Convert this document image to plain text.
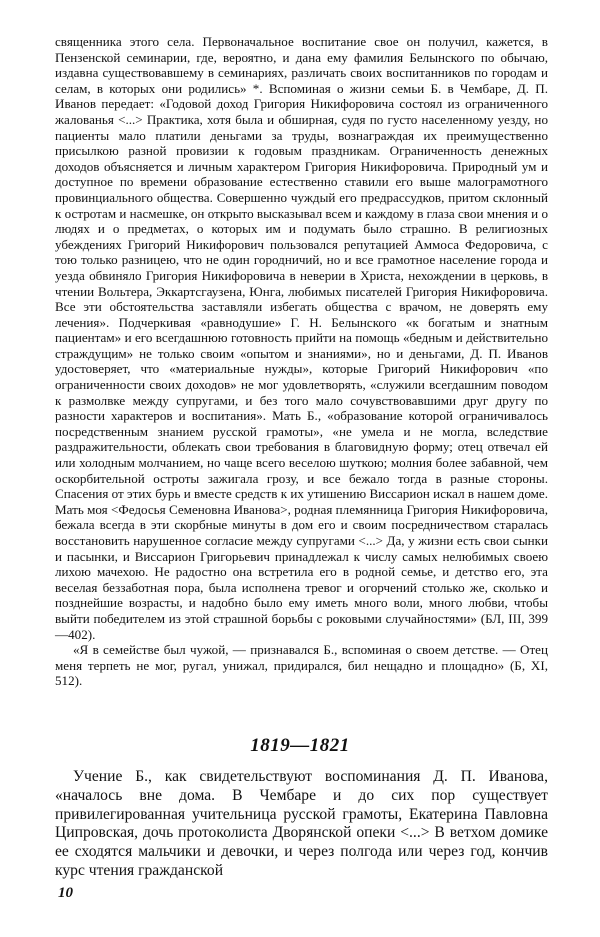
священника этого села. Первоначальное воспитание свое он получил, кажется, в Пензенской семинарии, где, вероятно, и дана ему фамилия Белынского по обычаю, издавна существовавшему в семинариях, различать своих воспитанников по городам и селам, в которых они родились» *. Вспоминая о жизни семьи Б. в Чембаре, Д. П. Иванов передает: «Годовой доход Григория Никифоровича состоял из ограниченного жалованья <...> Практика, хотя была и обширная, судя по густо населенному уезду, но пациенты мало платили деньгами за труды, вознаграждая их преимущественно присылкою разной провизии к годовым праздникам. Ограниченность денежных доходов объясняется и личным характером Григория Никифоровича. Природный ум и доступное по времени образование естественно ставили его выше малограмотного провинциального общества. Совершенно чуждый его предрассудков, притом склонный к остротам и насмешке, он открыто высказывал всем и каждому в глаза свои мнения и о людях и о предметах, о которых им и подумать было страшно. В религиозных убеждениях Григорий Никифорович пользовался репутацией Аммоса Федоровича, с тою только разницею, что не один городничий, но и все грамотное население города и уезда обвиняло Григория Никифоровича в неверии в Христа, нехождении в церковь, в чтении Вольтера, Эккартсгаузена, Юнга, любимых писателей Григория Никифоровича. Все эти обстоятельства заставляли избегать общества с врачом, не доверять ему лечения». Подчеркивая «равнодушие» Г. Н. Белынского «к богатым и знатным пациентам» и его всегдашнюю готовность прийти на помощь «бедным и действительно страждущим» не только своим «опытом и знаниями», но и деньгами, Д. П. Иванов удостоверяет, что «материальные нужды», которые Григорий Никифорович «по ограниченности своих доходов» не мог удовлетворять, «служили всегдашним поводом к размолвке между супругами, и без того мало сочувствовавшими друг другу по разности характеров и воспитания». Мать Б., «образование которой ограничивалось посредственным знанием русской грамоты», «не умела и не могла, вследствие раздражительности, облекать свои требования в благовидную форму; отец отвечал ей или холодным молчанием, но чаще всего веселою шуткою; молния более забавной, чем оскорбительной остроты зажигала грозу, и все бежало тогда в разные стороны. Спасения от этих бурь и вместе средств к их утишению Виссарион искал в нашем доме. Мать моя <Федосья Семеновна Иванова>, родная племянница Григория Никифоровича, бежала всегда в эти скорбные минуты в дом его и своим посредничеством старалась восстановить нарушенное согласие между супругами <...> Да, у жизни есть свои сынки и пасынки, и Виссарион Григорьевич принадлежал к числу самых нелюбимых своею лихою мачехою. Не радостно она встретила его в родной семье, и детство его, эта веселая беззаботная пора, была исполнена тревог и огорчений столько же, сколько и позднейшие возрасты, и надобно было ему иметь много воли, много любви, чтобы выйти победителем из этой страшной борьбы с роковыми случайностями» (БЛ, III, 399—402).

«Я в семействе был чужой, — признавался Б., вспоминая о своем детстве. — Отец меня терпеть не мог, ругал, унижал, придирался, бил нещадно и площадно» (Б, XI, 512).

1819—1821

Учение Б., как свидетельствуют воспоминания Д. П. Иванова, «началось вне дома. В Чембаре и до сих пор существует привилегированная учительница русской грамоты, Екатерина Павловна Ципровская, дочь протоколиста Дворянской опеки <...> В ветхом домике ее сходятся мальчики и девочки, и через полгода или через год, кончив курс чтения гражданской

10
